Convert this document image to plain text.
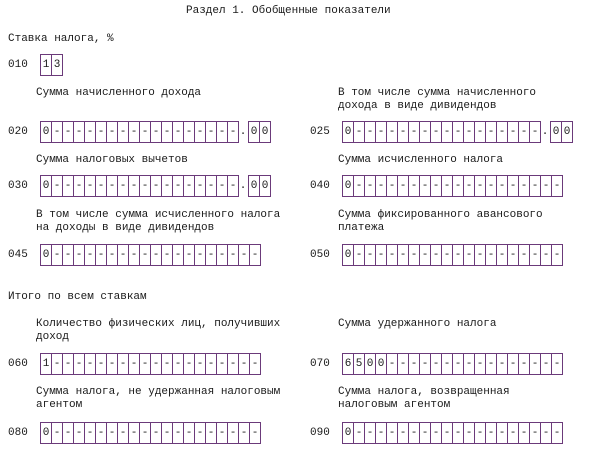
Раздел 1. Обобщенные показатели
Ставка налога, %
010 1 3
Сумма начисленного дохода	В том числе сумма начисленного
дохода в виде дивидендов
020 0 - - - - - - - - - - - - - - - - - . 0 0	025 0 - - - - - - - - - - - - - - - - - . 0 0
Сумма налоговых вычетов	Сумма исчисленного налога
030 0 - - - - - - - - - - - - - - - - - . 0 0	040 0 - - - - - - - - - - - - - - - - - - -
В том числе сумма исчисленного налога
на доходы в виде дивидендов
Сумма фиксированного авансового
платежа
045 0 - - - - - - - - - - - - - - - - - - -	050 0 - - - - - - - - - - - - - - - - - - -
Итого по всем ставкам
Количество физических лиц, получивших
доход
Сумма удержанного налога
060 1 - - - - - - - - - - - - - - - - - - -	070 6 5 0 0 - - - - - - - - - - - - - - - -
Сумма налога, не удержанная налоговым
агентом
Сумма налога, возвращенная
налоговым агентом
080 0 - - - - - - - - - - - - - - - - - - -	090 0 - - - - - - - - - - - - - - - - - - -
